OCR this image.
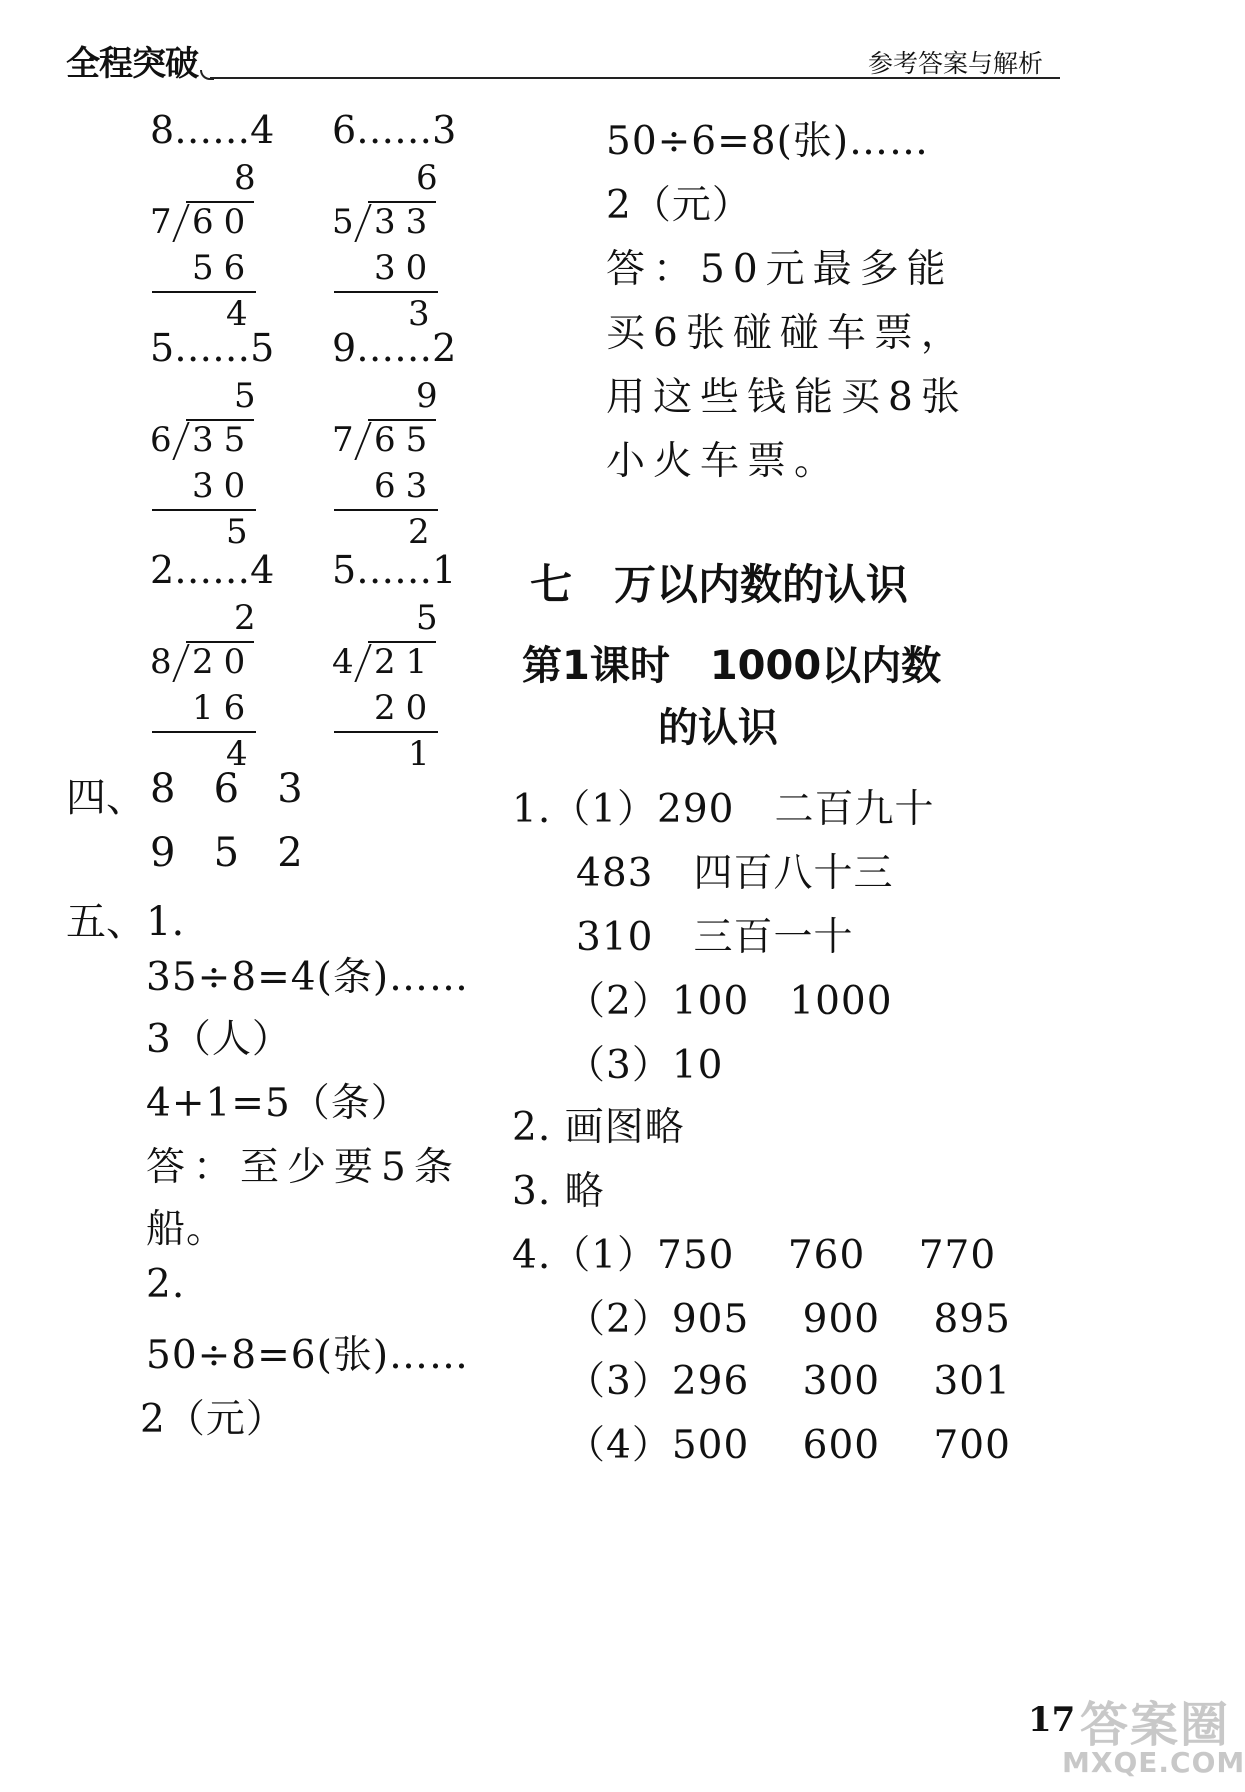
全程突破	参考答案与解析
8……4
8
7 60
56
4
6……3
6
5 33
30
3
5……5
5
6 35
30
5
9……2
9
7 65
63
2
2……4
2
8 20
16
4
5……1
5
4 21
20
1
四、 8   6   3
9   5   2
五、1.
35÷8=4(条)……
3（人）
4+1=5（条）
答：至少要5条
船。
2.
50÷8=6(张)……
2（元）
50÷6=8(张)……
2（元）
答：50元最多能
买6张碰碰车票，
用这些钱能买8张
小火车票。
七　万以内数的认识
第1课时　1000以内数
的认识
1.（1）290　二百九十
483　四百八十三
310　三百一十
（2）100　1000
（3）10
2. 画图略
3. 略
4.（1）750　 760　 770
（2）905　 900　 895
（3）296　 300　 301
（4）500　 600　 700
答案圈
MXQE.COM
17
